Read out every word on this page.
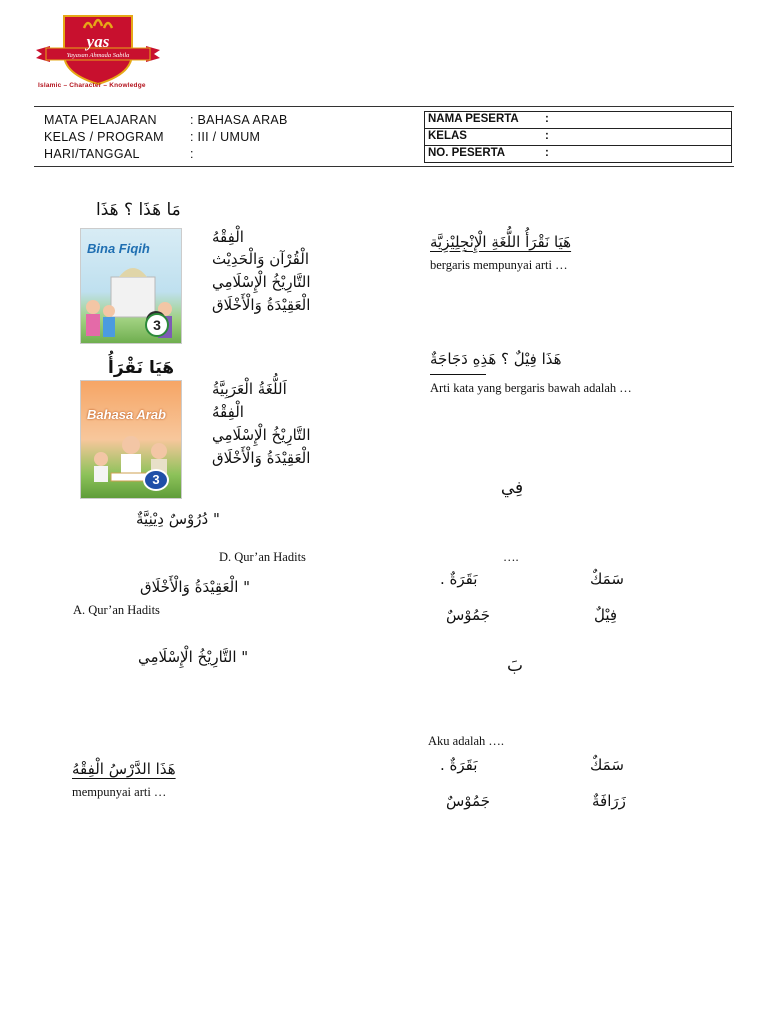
Yayasan Ahmada Sabila
yas
Islamic – Character – Knowledge
MATA PELAJARAN	: BAHASA ARAB
KELAS / PROGRAM : III / UMUM
HARI/TANGGAL	:
NAMA PESERTA :
KELAS	:
NO. PESERTA	:
مَا هَذَا ؟ هَذَا
Bina Fiqih
3
الْفِقْهُ
الْقُرْآن وَالْحَدِيْث
التَّارِيْخُ الْإِسْلَامِي
الْعَقِيْدَةُ وَالْأَخْلَاق
هَيَا نَقْرَأُ
Bahasa Arab
3
اَللُّغَةُ الْعَرَبِيَّةُ
الْفِقْهُ
التَّارِيْخُ الْإِسْلَامِي
الْعَقِيْدَةُ وَالْأَخْلَاق
" دُرُوْسٌ دِيْنِيَّةٌ
D. Qur’an Hadits
" الْعَقِيْدَةُ وَالْأَخْلَاق
A. Qur’an Hadits
" التَّارِيْخُ الْإِسْلَامِي
هَذَا الدَّرْسُ الْفِقْهُ
mempunyai arti …
هَيَا نَقْرَأُ اللُّغَةِ الْإِنْجِلِيْزِيَّة
bergaris mempunyai arti …
هَذَا فِيْلٌ ؟ هَذِهِ دَجَاجَةٌ
Arti kata yang bergaris bawah adalah …
فِي
….
سَمَكٌ
بَقَرَةٌ .
فِيْلٌ
جَمُوْسٌ
بَ
Aku adalah ….
سَمَكٌ
بَقَرَةٌ .
زَرَافَةٌ
جَمُوْسٌ
